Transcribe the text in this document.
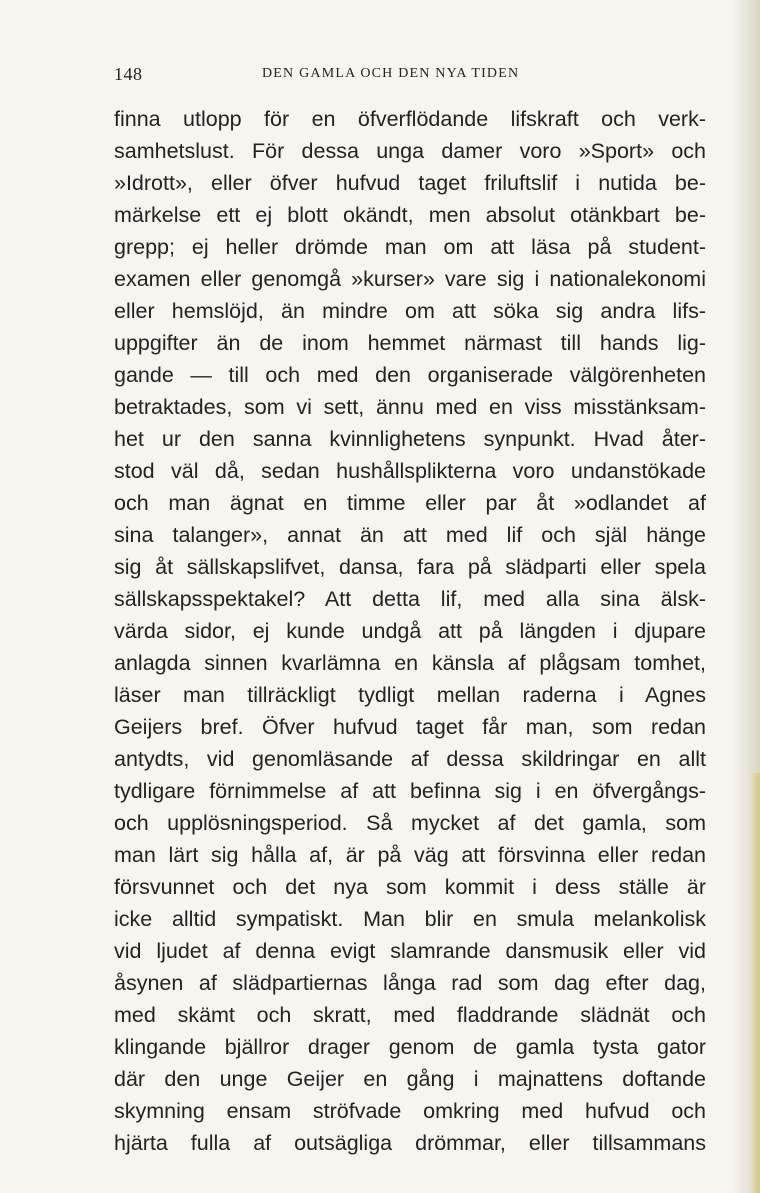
148	DEN GAMLA OCH DEN NYA TIDEN
finna utlopp för en öfverflödande lifskraft och verk-
samhetslust. För dessa unga damer voro »Sport» och
»Idrott», eller öfver hufvud taget friluftslif i nutida be-
märkelse ett ej blott okändt, men absolut otänkbart be-
grepp; ej heller drömde man om att läsa på student-
examen eller genomgå »kurser» vare sig i nationalekonomi
eller hemslöjd, än mindre om att söka sig andra lifs-
uppgifter än de inom hemmet närmast till hands lig-
gande — till och med den organiserade välgörenheten
betraktades, som vi sett, ännu med en viss misstänksam-
het ur den sanna kvinnlighetens synpunkt. Hvad åter-
stod väl då, sedan hushållsplikterna voro undanstökade
och man ägnat en timme eller par åt »odlandet af
sina talanger», annat än att med lif och själ hänge
sig åt sällskapslifvet, dansa, fara på slädparti eller spela
sällskapsspektakel? Att detta lif, med alla sina älsk-
värda sidor, ej kunde undgå att på längden i djupare
anlagda sinnen kvarlämna en känsla af plågsam tomhet,
läser man tillräckligt tydligt mellan raderna i Agnes
Geijers bref. Öfver hufvud taget får man, som redan
antydts, vid genomläsande af dessa skildringar en allt
tydligare förnimmelse af att befinna sig i en öfvergångs-
och upplösningsperiod. Så mycket af det gamla, som
man lärt sig hålla af, är på väg att försvinna eller redan
försvunnet och det nya som kommit i dess ställe är
icke alltid sympatiskt. Man blir en smula melankolisk
vid ljudet af denna evigt slamrande dansmusik eller vid
åsynen af slädpartiernas långa rad som dag efter dag,
med skämt och skratt, med fladdrande slädnät och
klingande bjällror drager genom de gamla tysta gator
där den unge Geijer en gång i majnattens doftande
skymning ensam ströfvade omkring med hufvud och
hjärta fulla af outsägliga drömmar, eller tillsammans
